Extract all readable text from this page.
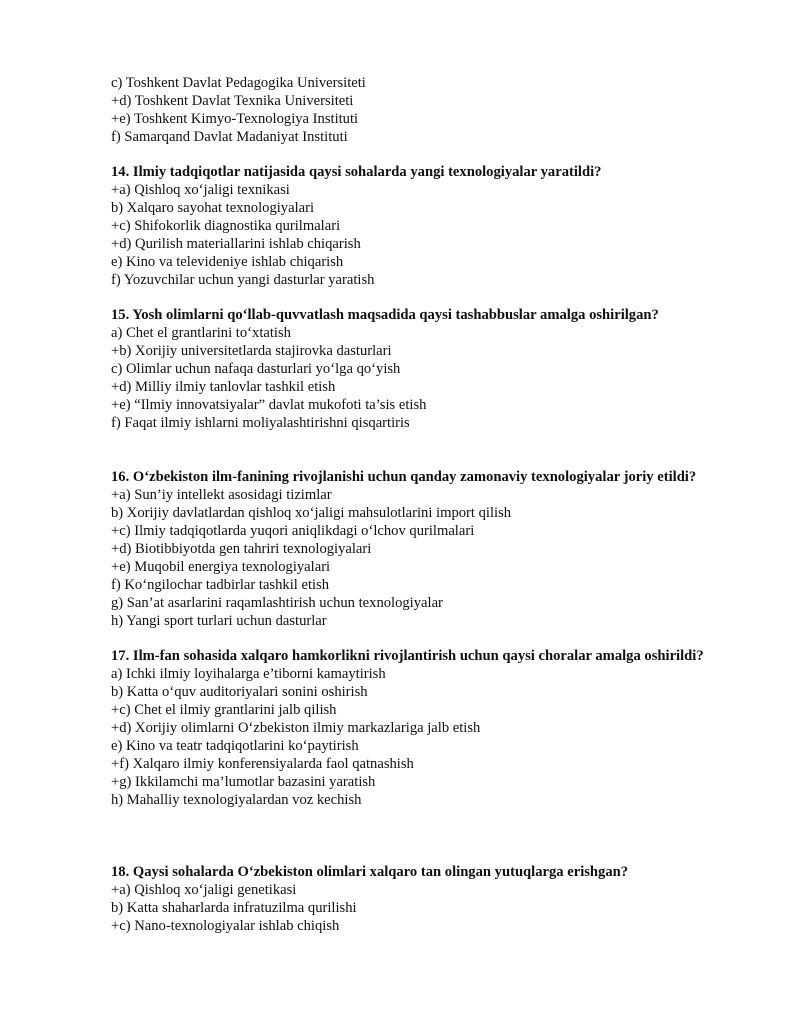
c) Toshkent Davlat Pedagogika Universiteti
+d) Toshkent Davlat Texnika Universiteti
+e) Toshkent Kimyo-Texnologiya Instituti
f) Samarqand Davlat Madaniyat Instituti
14. Ilmiy tadqiqotlar natijasida qaysi sohalarda yangi texnologiyalar yaratildi?
+a) Qishloq xo‘jaligi texnikasi
b) Xalqaro sayohat texnologiyalari
+c) Shifokorlik diagnostika qurilmalari
+d) Qurilish materiallarini ishlab chiqarish
e) Kino va televideniye ishlab chiqarish
f) Yozuvchilar uchun yangi dasturlar yaratish
15. Yosh olimlarni qo‘llab-quvvatlash maqsadida qaysi tashabbuslar amalga oshirilgan?
a) Chet el grantlarini to‘xtatish
+b) Xorijiy universitetlarda stajirovka dasturlari
c) Olimlar uchun nafaqa dasturlari yo‘lga qo‘yish
+d) Milliy ilmiy tanlovlar tashkil etish
+e) “Ilmiy innovatsiyalar” davlat mukofoti ta’sis etish
f) Faqat ilmiy ishlarni moliyalashtirishni qisqartiris
16. O‘zbekiston ilm-fanining rivojlanishi uchun qanday zamonaviy texnologiyalar joriy etildi?
+a) Sun’iy intellekt asosidagi tizimlar
b) Xorijiy davlatlardan qishloq xo‘jaligi mahsulotlarini import qilish
+c) Ilmiy tadqiqotlarda yuqori aniqlikdagi o‘lchov qurilmalari
+d) Biotibbiyotda gen tahriri texnologiyalari
+e) Muqobil energiya texnologiyalari
f) Ko‘ngilochar tadbirlar tashkil etish
g) San’at asarlarini raqamlashtirish uchun texnologiyalar
h) Yangi sport turlari uchun dasturlar
17. Ilm-fan sohasida xalqaro hamkorlikni rivojlantirish uchun qaysi choralar amalga oshirildi?
a) Ichki ilmiy loyihalarga e’tiborni kamaytirish
b) Katta o‘quv auditoriyalari sonini oshirish
+c) Chet el ilmiy grantlarini jalb qilish
+d) Xorijiy olimlarni O‘zbekiston ilmiy markazlariga jalb etish
e) Kino va teatr tadqiqotlarini ko‘paytirish
+f) Xalqaro ilmiy konferensiyalarda faol qatnashish
+g) Ikkilamchi ma’lumotlar bazasini yaratish
h) Mahalliy texnologiyalardan voz kechish
18. Qaysi sohalarda O‘zbekiston olimlari xalqaro tan olingan yutuqlarga erishgan?
+a) Qishloq xo‘jaligi genetikasi
b) Katta shaharlarda infratuzilma qurilishi
+c) Nano-texnologiyalar ishlab chiqish
